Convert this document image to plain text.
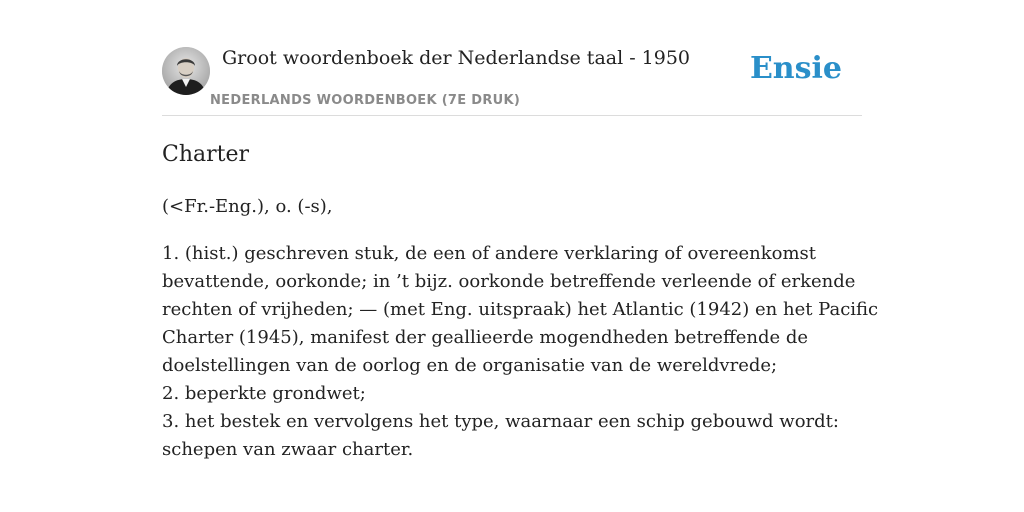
Groot woordenboek der Nederlandse taal - 1950
NEDERLANDS WOORDENBOEK (7E DRUK)
Ensie
Charter

(<Fr.-Eng.), o. (-s),

1. (hist.) geschreven stuk, de een of andere verklaring of overeenkomst
bevattende, oorkonde; in ’t bijz. oorkonde betreffende verleende of erkende
rechten of vrijheden; — (met Eng. uitspraak) het Atlantic (1942) en het Pacific
Charter (1945), manifest der geallieerde mogendheden betreffende de
doelstellingen van de oorlog en de organisatie van de wereldvrede;
2. beperkte grondwet;
3. het bestek en vervolgens het type, waarnaar een schip gebouwd wordt:
schepen van zwaar charter.
